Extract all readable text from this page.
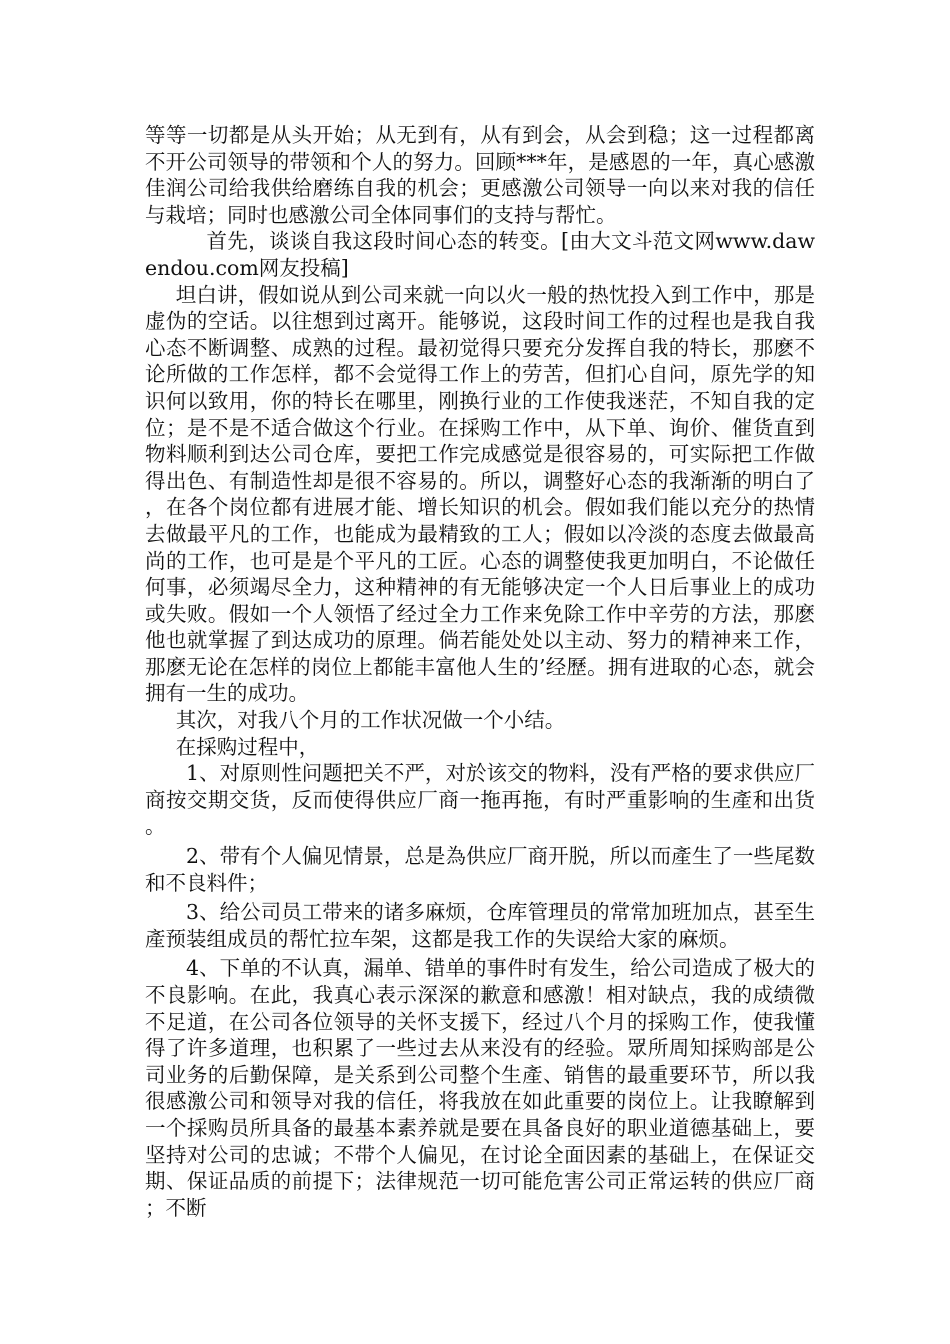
等等一切都是从头开始；从无到有，从有到会，从会到稳；这一过程都离不开公司领导的带领和个人的努力。回顾***年，是感恩的一年，真心感激佳润公司给我供给磨练自我的机会；更感激公司领导一向以来对我的信任与栽培；同时也感激公司全体同事们的支持与帮忙。

首先，谈谈自我这段时间心态的转变。[由大文斗范文网www.dawendou.com网友投稿]

坦白讲，假如说从到公司来就一向以火一般的热忱投入到工作中，那是虚伪的空话。以往想到过离开。能够说，这段时间工作的过程也是我自我心态不断调整、成熟的过程。最初觉得只要充分发挥自我的特长，那麽不论所做的工作怎样，都不会觉得工作上的劳苦，但扪心自问，原先学的知识何以致用，你的特长在哪里，刚换行业的工作使我迷茫，不知自我的定位；是不是不适合做这个行业。在採购工作中，从下单、询价、催货直到物料顺利到达公司仓库，要把工作完成感觉是很容易的，可实际把工作做得出色、有制造性却是很不容易的。所以，调整好心态的我渐渐的明白了，在各个岗位都有进展才能、增长知识的机会。假如我们能以充分的热情去做最平凡的工作，也能成为最精致的工人；假如以冷淡的态度去做最高尚的工作，也可是是个平凡的工匠。心态的调整使我更加明白，不论做任何事，必须竭尽全力，这种精神的有无能够决定一个人日后事业上的成功或失败。假如一个人领悟了经过全力工作来免除工作中辛劳的方法，那麽他也就掌握了到达成功的原理。倘若能处处以主动、努力的精神来工作，那麽无论在怎样的岗位上都能丰富他人生的’经歷。拥有进取的心态，就会拥有一生的成功。

其次，对我八个月的工作状况做一个小结。

在採购过程中，

1、对原则性问题把关不严，对於该交的物料，没有严格的要求供应厂商按交期交货，反而使得供应厂商一拖再拖，有时严重影响的生產和出货。

2、带有个人偏见情景，总是為供应厂商开脱，所以而產生了一些尾数和不良料件；

3、给公司员工带来的诸多麻烦，仓库管理员的常常加班加点，甚至生產预装组成员的帮忙拉车架，这都是我工作的失误给大家的麻烦。

4、下单的不认真，漏单、错单的事件时有发生，给公司造成了极大的不良影响。在此，我真心表示深深的歉意和感激！相对缺点，我的成绩微不足道，在公司各位领导的关怀支援下，经过八个月的採购工作，使我懂得了许多道理，也积累了一些过去从来没有的经验。眾所周知採购部是公司业务的后勤保障，是关系到公司整个生產、销售的最重要环节，所以我很感激公司和领导对我的信任，将我放在如此重要的岗位上。让我瞭解到一个採购员所具备的最基本素养就是要在具备良好的职业道德基础上，要坚持对公司的忠诚；不带个人偏见，在讨论全面因素的基础上，在保证交期、保证品质的前提下；法律规范一切可能危害公司正常运转的供应厂商；不断
